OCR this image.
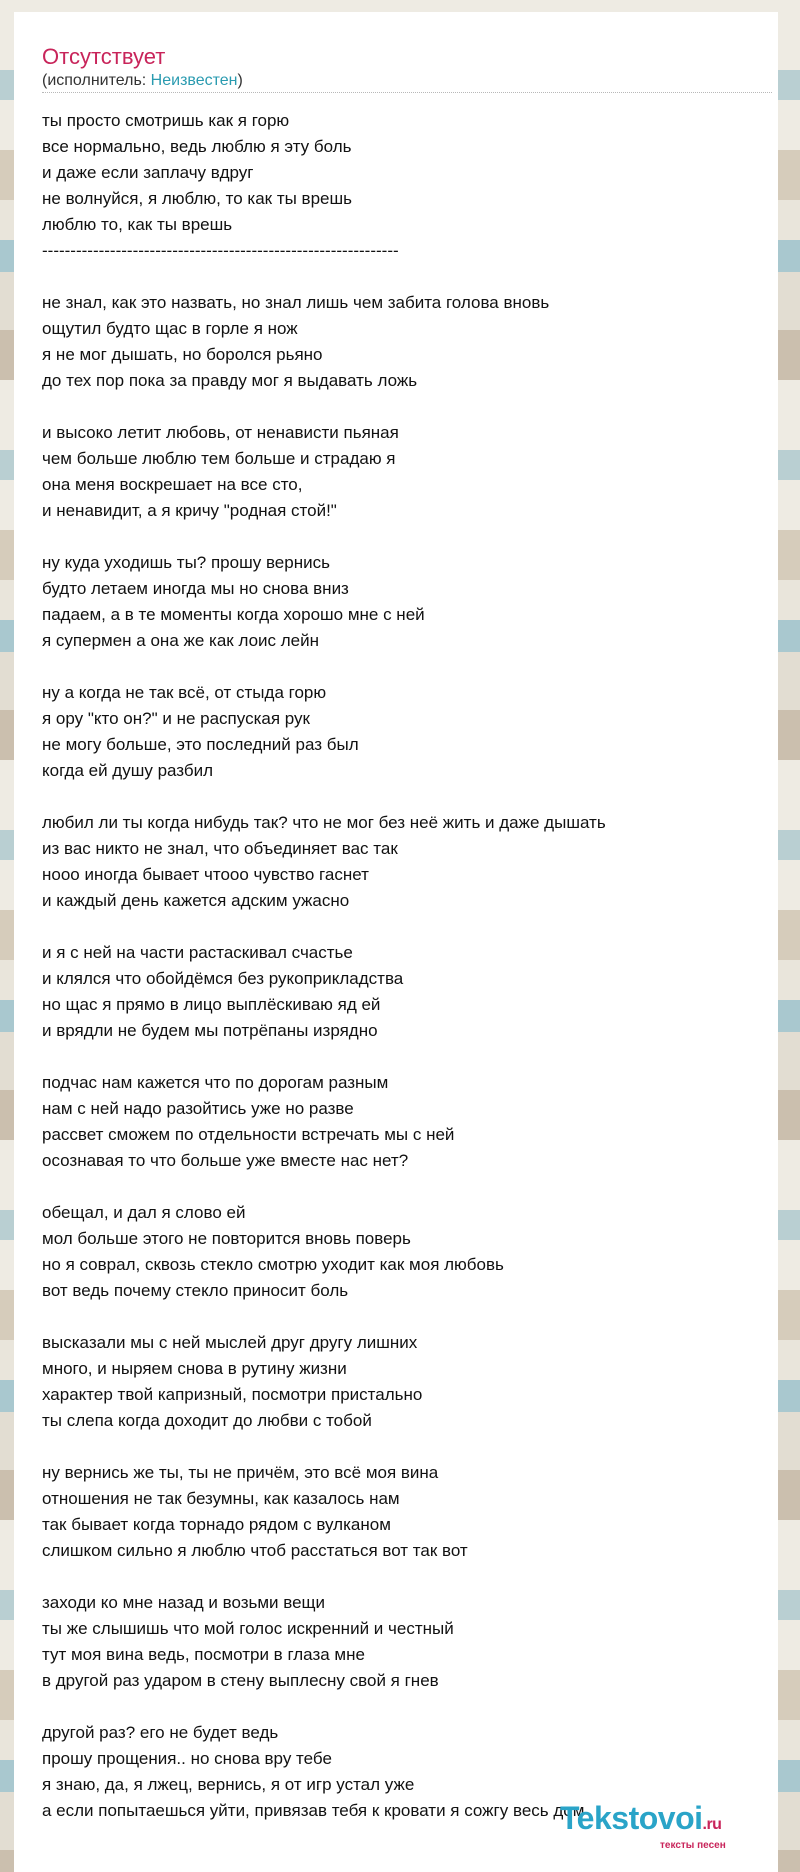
Отсутствует
(исполнитель: Неизвестен)
ты просто смотришь как я горю
все нормально, ведь люблю я эту боль
и даже если заплачу вдруг
не волнуйся, я люблю, то как ты врешь
люблю то, как ты врешь
---------------------------------------------------------------
не знал, как это назвать, но знал лишь чем забита голова вновь
ощутил будто щас в горле я нож
я не мог дышать, но боролся рьяно
до тех пор пока за правду мог я выдавать ложь
и высоко летит любовь, от ненависти пьяная
чем больше люблю тем больше и страдаю я
она меня воскрешает на все сто,
и ненавидит, а я кричу "родная стой!"
ну куда уходишь ты? прошу вернись
будто летаем иногда мы но снова вниз
падаем, а в те моменты когда хорошо мне с ней
я супермен а она же как лоис лейн
ну а когда не так всё, от стыда горю
я ору "кто он?" и не распуская рук
не могу больше, это последний раз был
когда ей душу разбил
любил ли ты когда нибудь так? что не мог без неё жить и даже дышать
из вас никто не знал, что объединяет вас так
нооо иногда бывает чтооо чувство гаснет
и каждый день кажется адским ужасно
и я с ней на части растаскивал счастье
и клялся что обойдёмся без рукоприкладства
но щас я прямо в лицо выплёскиваю яд ей
и врядли не будем мы потрёпаны изрядно
подчас нам кажется что по дорогам разным
нам с ней надо разойтись уже но разве
рассвет сможем по отдельности встречать мы с ней
осознавая то что больше уже вместе нас нет?
обещал, и дал я слово ей
мол больше этого не повторится вновь поверь
но я соврал, сквозь стекло смотрю уходит как моя любовь
вот ведь почему стекло приносит боль
высказали мы с ней мыслей друг другу лишних
много, и ныряем снова в рутину жизни
характер твой капризный, посмотри пристально
ты слепа когда доходит до любви с тобой
ну вернись же ты, ты не причём, это всё моя вина
отношения не так безумны, как казалось нам
так бывает когда торнадо рядом с вулканом
слишком сильно я люблю чтоб расстаться вот так вот
заходи ко мне назад и возьми вещи
ты же слышишь что мой голос искренний и честный
тут моя вина ведь, посмотри в глаза мне
в другой раз ударом в стену выплесну свой я гнев
другой раз? его не будет ведь
прошу прощения.. но снова вру тебе
я знаю, да, я лжец, вернись, я от игр устал уже
а если попытаешься уйти, привязав тебя к кровати я сожгу весь дом
Tekstovoi.ru
тексты песен
